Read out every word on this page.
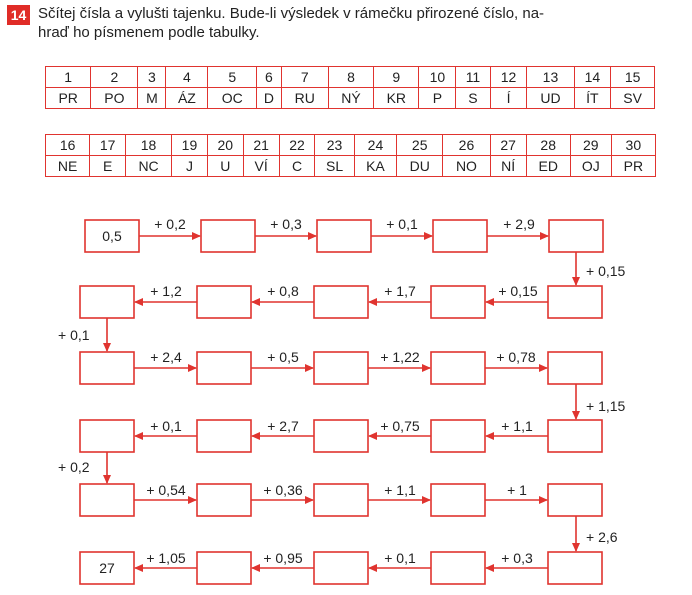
14 Sčítej čísla a vylušti tajenku. Bude-li výsledek v rámečku přirozené číslo, na-
hraď ho písmenem podle tabulky.
1	2	3	4	5	6	7	8	9	10	11	12	13	14	15
PR	PO	M	ÁZ	OC	D	RU	NÝ	KR	P	S	Í	UD	ÍT	SV
16	17	18	19	20	21	22	23	24	25	26	27	28	29	30
NE	E	NC	J	U	VÍ	C	SL	KA	DU	NO	NÍ	ED	OJ	PR
0,5
27
+ 0,2	+ 0,3	+ 0,1	+ 2,9
+ 0,15
+ 0,15
+ 1,7
+ 0,8
+ 1,2
+ 0,1
+ 2,4	+ 0,5	+ 1,22	+ 0,78
+ 1,15
+ 1,1
+ 0,75
+ 2,7
+ 0,1
+ 0,2
+ 0,54	+ 0,36	+ 1,1	+ 1
+ 2,6
+ 0,3
+ 0,1
+ 0,95
+ 1,05
